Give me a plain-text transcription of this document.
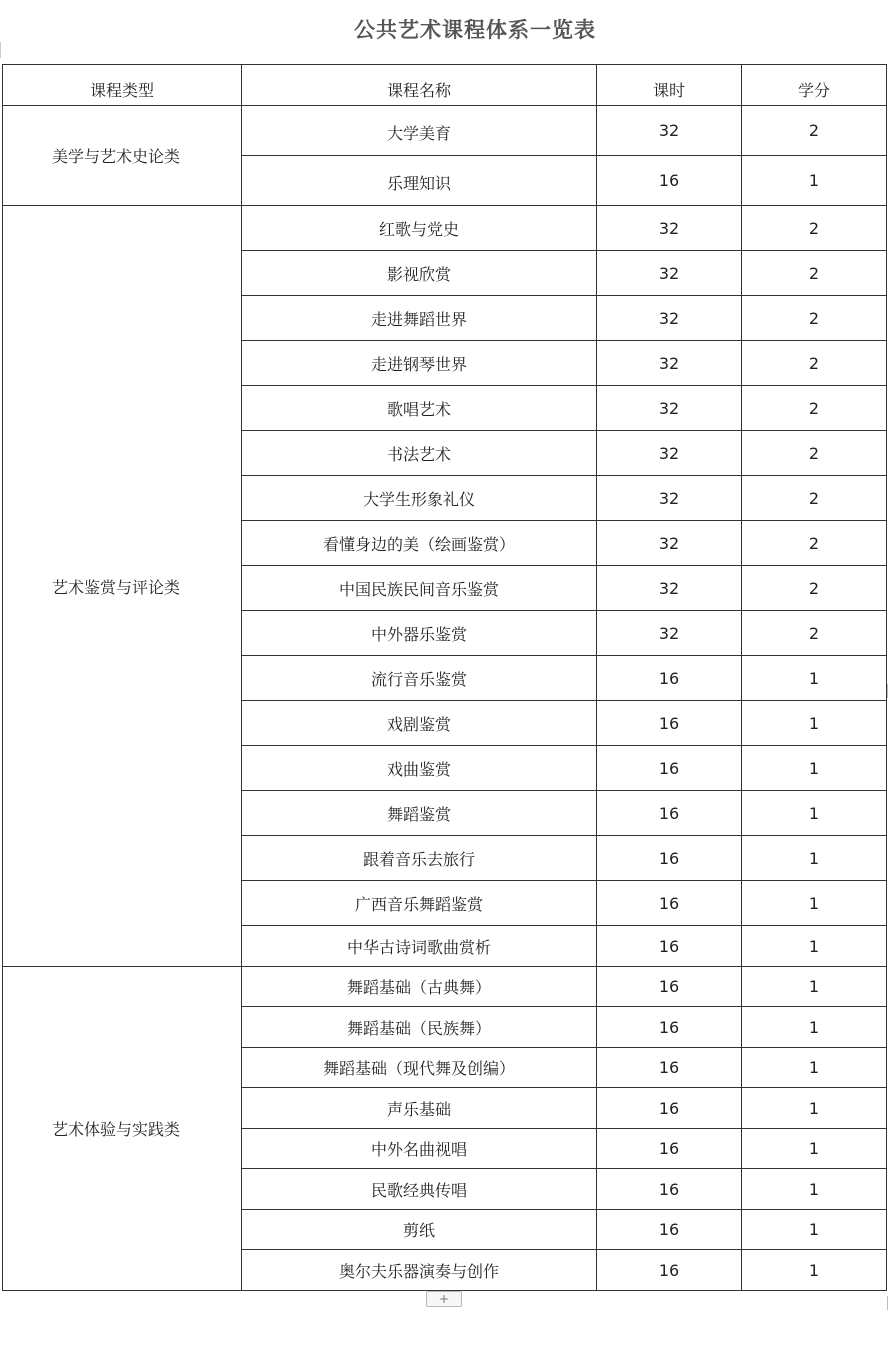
公共艺术课程体系一览表
课程类型	课程名称	课时	学分
美学与艺术史论类	大学美育	32	2
	乐理知识	16	1
艺术鉴赏与评论类	红歌与党史	32	2
	影视欣赏	32	2
	走进舞蹈世界	32	2
	走进钢琴世界	32	2
	歌唱艺术	32	2
	书法艺术	32	2
	大学生形象礼仪	32	2
	看懂身边的美（绘画鉴赏）	32	2
	中国民族民间音乐鉴赏	32	2
	中外器乐鉴赏	32	2
	流行音乐鉴赏	16	1
	戏剧鉴赏	16	1
	戏曲鉴赏	16	1
	舞蹈鉴赏	16	1
	跟着音乐去旅行	16	1
	广西音乐舞蹈鉴赏	16	1
	中华古诗词歌曲赏析	16	1
艺术体验与实践类	舞蹈基础（古典舞）	16	1
	舞蹈基础（民族舞）	16	1
	舞蹈基础（现代舞及创编）	16	1
	声乐基础	16	1
	中外名曲视唱	16	1
	民歌经典传唱	16	1
	剪纸	16	1
	奥尔夫乐器演奏与创作	16	1
+
